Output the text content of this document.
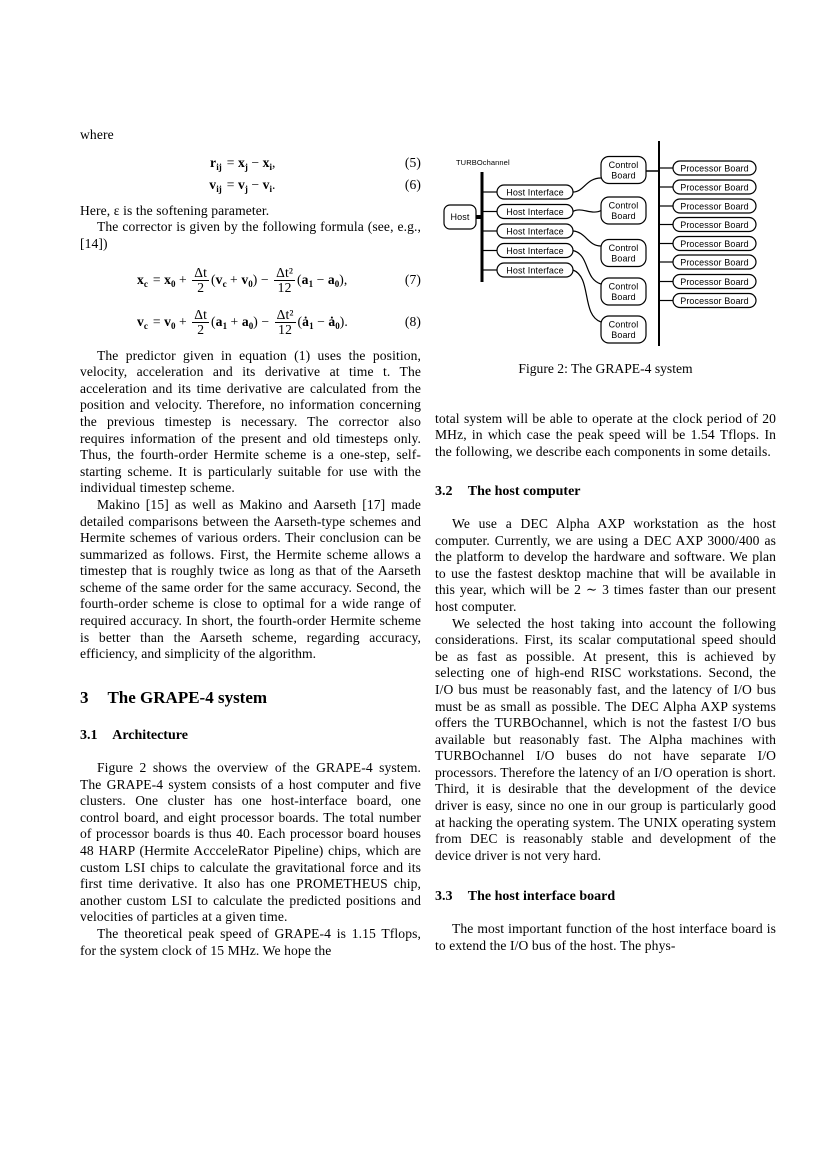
where

$r_{ij} = x_j - x_i$,	(5)
$v_{ij} = v_j - v_i$.	(6)

Here, ε is the softening parameter.

The corrector is given by the following formula (see, e.g., [14])

$x_c = x_0 + \frac{\Delta t}{2} (v_c + v_0) - \frac{\text{Δt²}}{12} (a_1 - a_0)$,	(7)
$v_c = v_0 + \frac{\Delta t}{2} (a_1 + a_0) - \frac{\text{Δt²}}{12}$ ($ȧ_1$ − $ȧ_0$).	(8)

The predictor given in equation (1) uses the position, velocity, acceleration and its derivative at time t. The acceleration and its time derivative are calculated from the position and velocity. Therefore, no information concerning the previous timestep is necessary. The corrector also requires information of the present and old timesteps only. Thus, the fourth-order Hermite scheme is a one-step, self-starting scheme. It is particularly suitable for use with the individual timestep scheme.

Makino [15] as well as Makino and Aarseth [17] made detailed comparisons between the Aarseth-type schemes and Hermite schemes of various orders. Their conclusion can be summarized as follows. First, the Hermite scheme allows a timestep that is roughly twice as long as that of the Aarseth scheme of the same order for the same accuracy. Second, the fourth-order scheme is close to optimal for a wide range of required accuracy. In short, the fourth-order Hermite scheme is better than the Aarseth scheme, regarding accuracy, efficiency, and simplicity of the algorithm.

3 The GRAPE-4 system
3.1 Architecture

Figure 2 shows the overview of the GRAPE-4 system. The GRAPE-4 system consists of a host computer and five clusters. One cluster has one host-interface board, one control board, and eight processor boards. The total number of processor boards is thus 40. Each processor board houses 48 HARP (Hermite AccceleRator Pipeline) chips, which are custom LSI chips to calculate the gravitational force and its first time derivative. It also has one PROMETHEUS chip, another custom LSI to calculate the predicted positions and velocities of particles at a given time.

The theoretical peak speed of GRAPE-4 is 1.15 Tflops, for the system clock of 15 MHz. We hope the

TURBOchannel
Host
Host Interface
Host Interface
Host Interface
Host Interface
Host Interface
Control
Board
Control
Board
Control
Board
Control
Board
Control
Board
Processor Board
Processor Board
Processor Board
Processor Board
Processor Board
Processor Board
Processor Board
Processor Board
Figure 2: The GRAPE-4 system

total system will be able to operate at the clock period of 20 MHz, in which case the peak speed will be 1.54 Tflops. In the following, we describe each components in some details.

3.2 The host computer

We use a DEC Alpha AXP workstation as the host computer. Currently, we are using a DEC AXP 3000/400 as the platform to develop the hardware and software. We plan to use the fastest desktop machine that will be available in this year, which will be 2 ∼ 3 times faster than our present host computer.

We selected the host taking into account the following considerations. First, its scalar computational speed should be as fast as possible. At present, this is achieved by selecting one of high-end RISC workstations. Second, the I/O bus must be reasonably fast, and the latency of I/O bus must be as small as possible. The DEC Alpha AXP systems offers the TURBOchannel, which is not the fastest I/O bus available but reasonably fast. The Alpha machines with TURBOchannel I/O buses do not have separate I/O processors. Therefore the latency of an I/O operation is short. Third, it is desirable that the development of the device driver is easy, since no one in our group is particularly good at hacking the operating system. The UNIX operating system from DEC is reasonably stable and development of the device driver is not very hard.

3.3 The host interface board

The most important function of the host interface board is to extend the I/O bus of the host. The phys-
